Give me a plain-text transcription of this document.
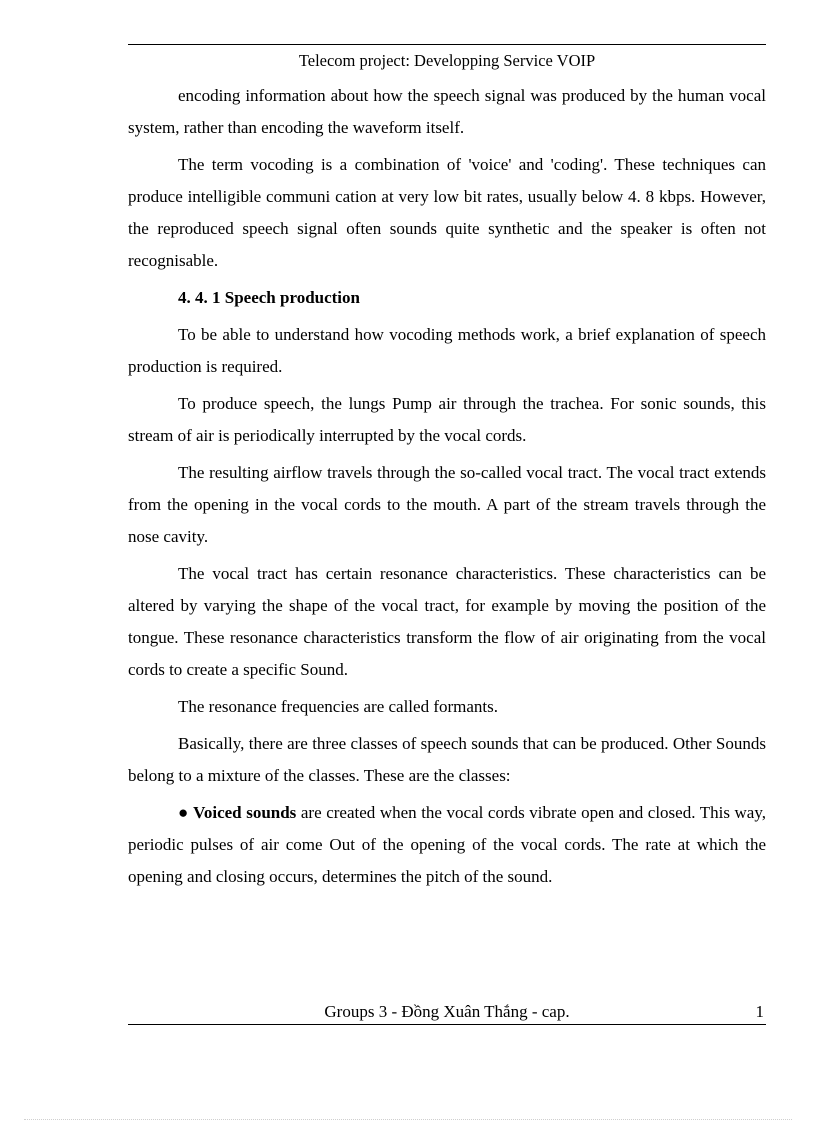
Telecom project: Developping Service VOIP

encoding information about how the speech signal was produced by the human vocal system, rather than encoding the waveform itself.

The term vocoding is a combination of 'voice' and 'coding'. These techniques can produce intelligible communi cation at very low bit rates, usually below 4. 8 kbps. However, the reproduced speech signal often sounds quite synthetic and the speaker is often not recognisable.

4. 4. 1 Speech production

To be able to understand how vocoding methods work, a brief explanation of speech production is required.

To produce speech, the lungs Pump air through the trachea. For sonic sounds, this stream of air is periodically interrupted by the vocal cords.

The resulting airflow travels through the so-called vocal tract. The vocal tract extends from the opening in the vocal cords to the mouth. A part of the stream travels through the nose cavity.

The vocal tract has certain resonance characteristics. These characteristics can be altered by varying the shape of the vocal tract, for example by moving the position of the tongue. These resonance characteristics transform the flow of air originating from the vocal cords to create a specific Sound.

The resonance frequencies are called formants.

Basically, there are three classes of speech sounds that can be produced. Other Sounds belong to a mixture of the classes. These are the classes:

● Voiced sounds are created when the vocal cords vibrate open and closed. This way, periodic pulses of air come Out of the opening of the vocal cords. The rate at which the opening and closing occurs, determines the pitch of the sound.

Groups 3 - Đồng Xuân Thắng - cap.	1
